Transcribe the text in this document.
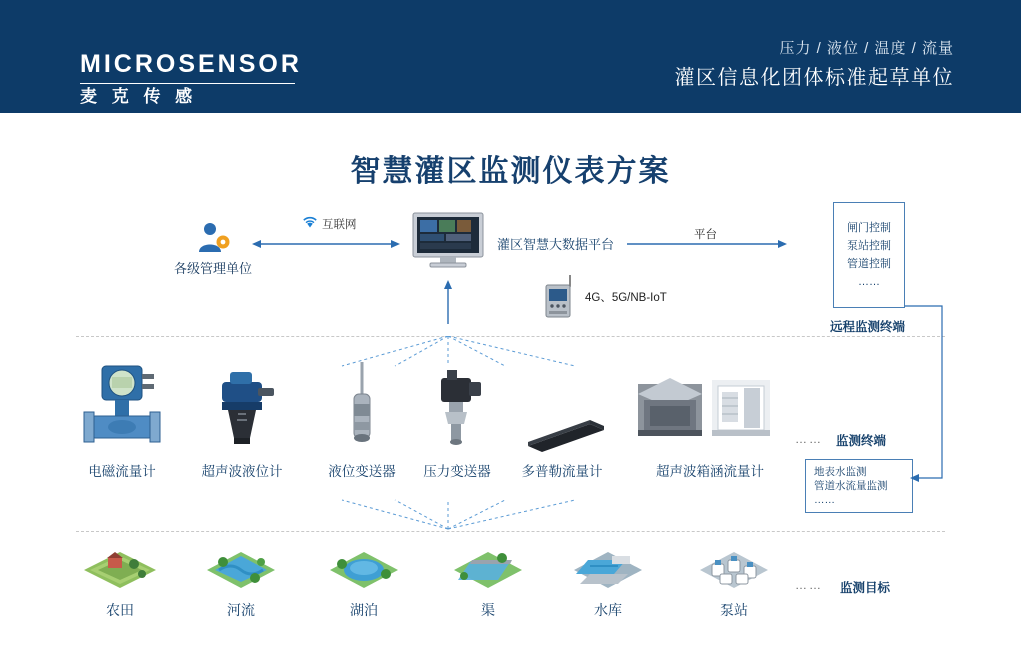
MICROSENSOR
麦 克 传 感
压力 / 液位 / 温度 / 流量
灌区信息化团体标准起草单位
智慧灌区监测仪表方案
各级管理单位
互联网
灌区智慧大数据平台
4G、5G/NB-IoT
平台
闸门控制
泵站控制
管道控制
……
远程监测终端
电磁流量计	超声波液位计	液位变送器	压力变送器	多普勒流量计	超声波箱涵流量计
…… 监测终端
地表水监测
管道水流量监测
……
农田	河流	湖泊	渠	水库	泵站
…… 监测目标
